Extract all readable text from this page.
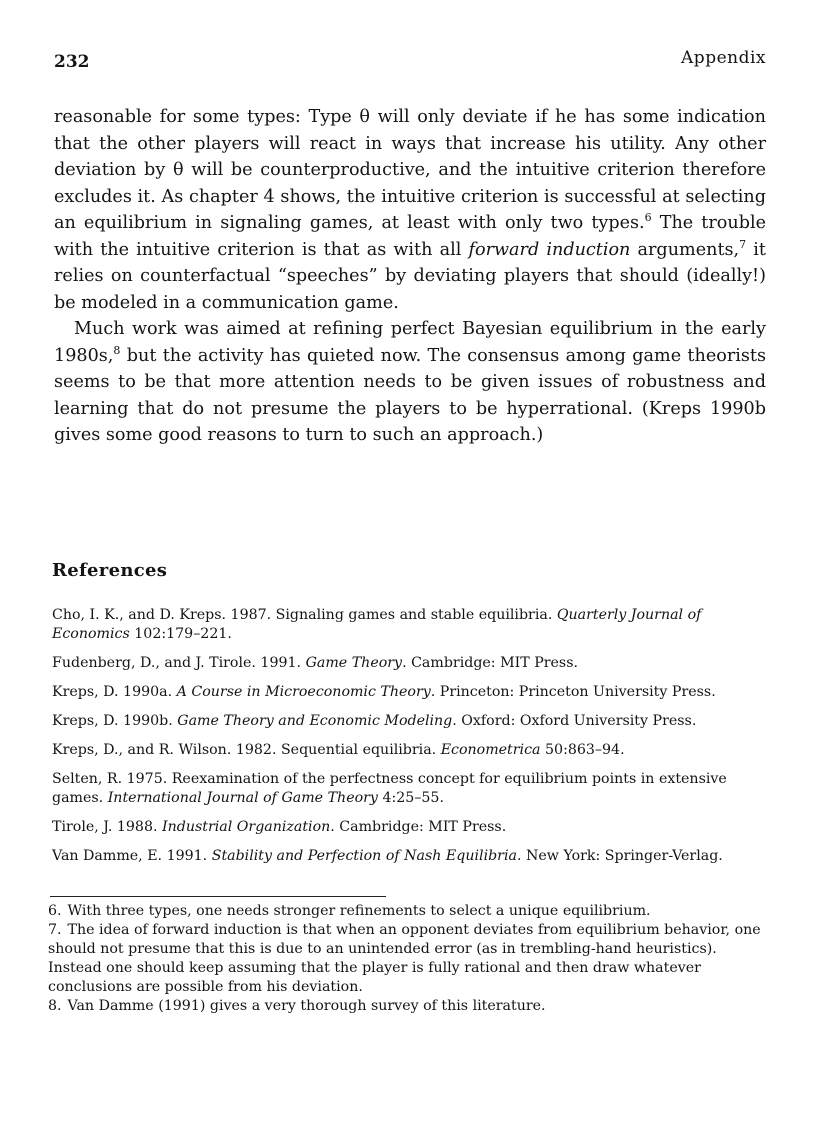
232	Appendix

reasonable for some types: Type θ will only deviate if he has some indication that the other players will react in ways that increase his utility. Any other deviation by θ will be counterproductive, and the intuitive criterion therefore excludes it. As chapter 4 shows, the intuitive criterion is successful at selecting an equilibrium in signaling games, at least with only two types.$^6$ The trouble with the intuitive criterion is that as with all forward induction arguments,$^7$ it relies on counterfactual “speeches” by deviating players that should (ideally!) be modeled in a communication game.

Much work was aimed at refining perfect Bayesian equilibrium in the early 1980s,$^8$ but the activity has quieted now. The consensus among game theorists seems to be that more attention needs to be given issues of robustness and learning that do not presume the players to be hyperrational. (Kreps 1990b gives some good reasons to turn to such an approach.)

References
Cho, I. K., and D. Kreps. 1987. Signaling games and stable equilibria. Quarterly Journal of Economics 102:179–221.
Fudenberg, D., and J. Tirole. 1991. Game Theory. Cambridge: MIT Press.
Kreps, D. 1990a. A Course in Microeconomic Theory. Princeton: Princeton University Press.
Kreps, D. 1990b. Game Theory and Economic Modeling. Oxford: Oxford University Press.
Kreps, D., and R. Wilson. 1982. Sequential equilibria. Econometrica 50:863–94.
Selten, R. 1975. Reexamination of the perfectness concept for equilibrium points in extensive games. International Journal of Game Theory 4:25–55.
Tirole, J. 1988. Industrial Organization. Cambridge: MIT Press.
Van Damme, E. 1991. Stability and Perfection of Nash Equilibria. New York: Springer-Verlag.
6. With three types, one needs stronger refinements to select a unique equilibrium.
7. The idea of forward induction is that when an opponent deviates from equilibrium behavior, one should not presume that this is due to an unintended error (as in trembling-hand heuristics). Instead one should keep assuming that the player is fully rational and then draw whatever conclusions are possible from his deviation.
8. Van Damme (1991) gives a very thorough survey of this literature.
